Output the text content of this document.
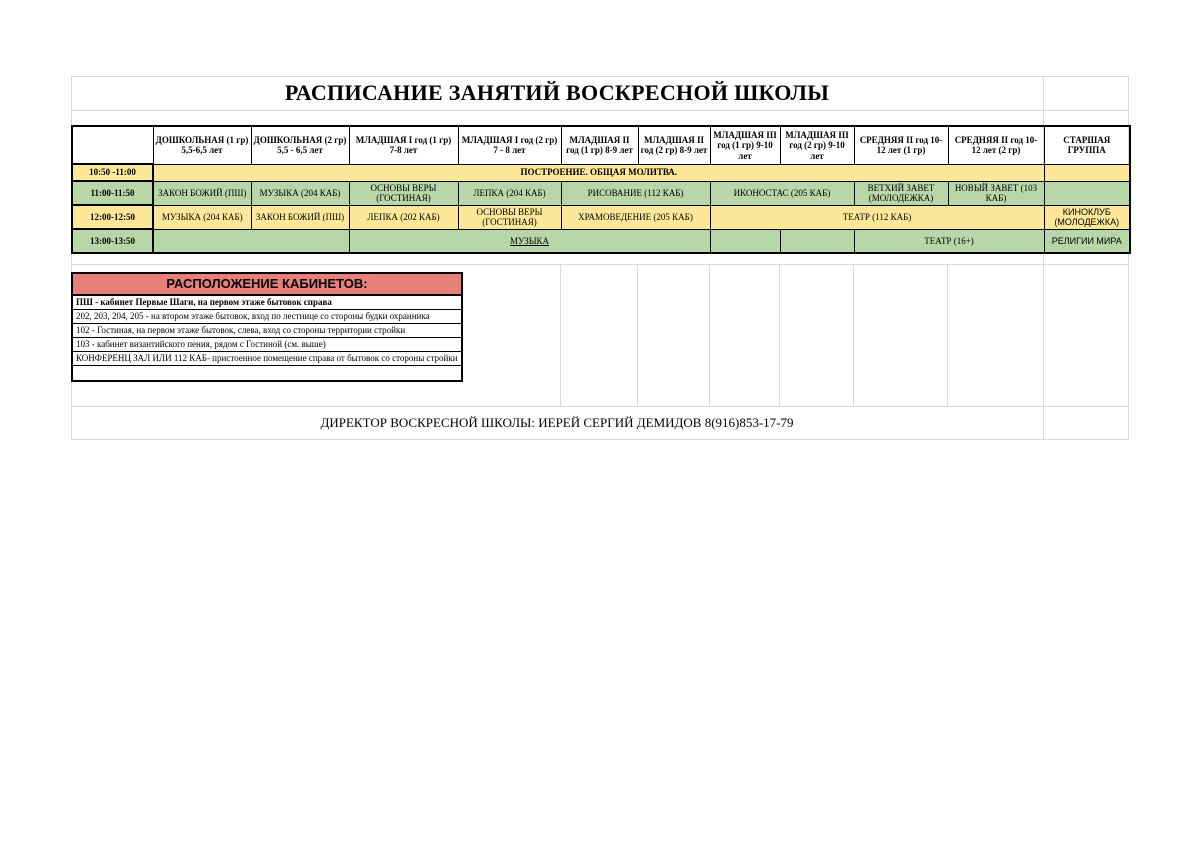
РАСПИСАНИЕ ЗАНЯТИЙ ВОСКРЕСНОЙ ШКОЛЫ
	ДОШКОЛЬНАЯ (1 гр) 5,5-6,5 лет	ДОШКОЛЬНАЯ (2 гр) 5,5 - 6,5 лет	МЛАДШАЯ I год (1 гр) 7-8 лет	МЛАДШАЯ I год (2 гр) 7 - 8 лет	МЛАДШАЯ II год (1 гр) 8-9 лет	МЛАДШАЯ II год (2 гр) 8-9 лет	МЛАДШАЯ III год (1 гр) 9-10 лет	МЛАДШАЯ III год (2 гр) 9-10 лет	СРЕДНЯЯ II год 10-12 лет (1 гр)	СРЕДНЯЯ II год 10-12 лет (2 гр)	СТАРШАЯ ГРУППА
10:50 -11:00	ПОСТРОЕНИЕ. ОБЩАЯ МОЛИТВА.										
11:00-11:50	ЗАКОН БОЖИЙ (ПШ)	МУЗЫКА (204 КАБ)	ОСНОВЫ ВЕРЫ (ГОСТИНАЯ)	ЛЕПКА (204 КАБ)	РИСОВАНИЕ (112 КАБ)		ИКОНОСТАС (205 КАБ)		ВЕТХИЙ ЗАВЕТ (МОЛОДЕЖКА)	НОВЫЙ ЗАВЕТ (103 КАБ)	
12:00-12:50	МУЗЫКА (204 КАБ)	ЗАКОН БОЖИЙ (ПШ)	ЛЕПКА (202 КАБ)	ОСНОВЫ ВЕРЫ (ГОСТИНАЯ)	ХРАМОВЕДЕНИЕ (205 КАБ)		ТЕАТР (112 КАБ)				КИНОКЛУБ (МОЛОДЕЖКА)
13:00-13:50			МУЗЫКА						ТЕАТР (16+)		РЕЛИГИИ МИРА
РАСПОЛОЖЕНИЕ КАБИНЕТОВ:
ПШ - кабинет Первые Шаги, на первом этаже бытовок справа
202, 203, 204, 205 - на втором этаже бытовок, вход по лестнице со стороны будки охранника
102 - Гостиная, на первом этаже бытовок, слева, вход со стороны территории стройки
103 - кабинет византийского пения, рядом с Гостиной (см. выше)
КОНФЕРЕНЦ ЗАЛ ИЛИ 112 КАБ- пристоенное помещение справа от бытовок со стороны стройки
ДИРЕКТОР ВОСКРЕСНОЙ ШКОЛЫ: ИЕРЕЙ СЕРГИЙ ДЕМИДОВ 8(916)853-17-79
